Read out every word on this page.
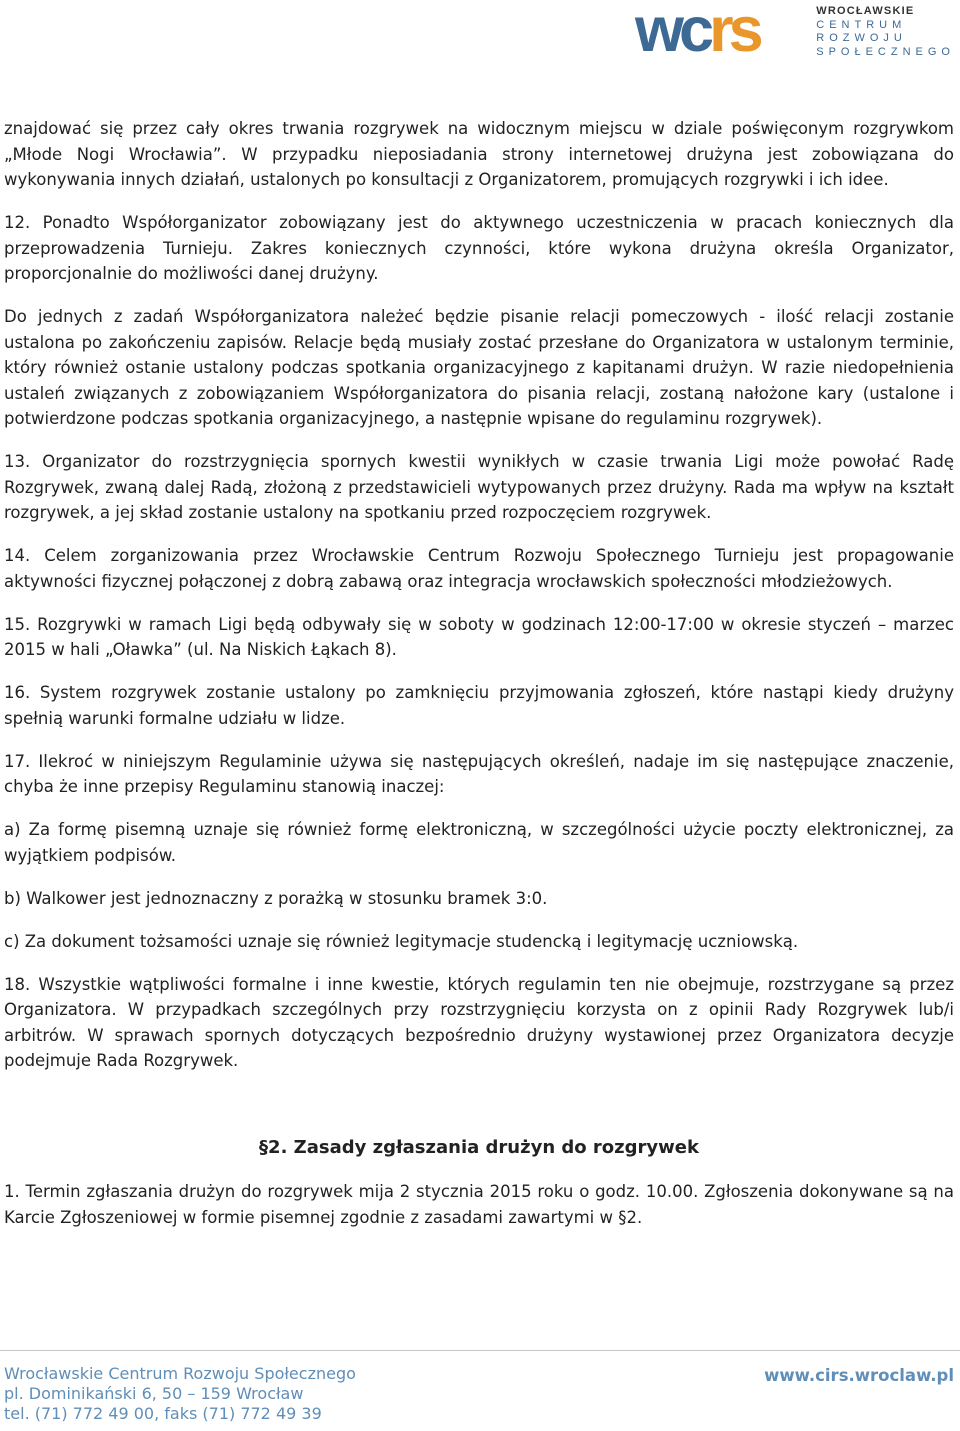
w c r s	WROCŁAWSKIE
CENTRUM
ROZWOJU
SPOŁECZNEGO

znajdować się przez cały okres trwania rozgrywek na widocznym miejscu w dziale poświęconym rozgrywkom „Młode Nogi Wrocławia”. W przypadku nieposiadania strony internetowej drużyna jest zobowiązana do wykonywania innych działań, ustalonych po konsultacji z Organizatorem, promujących rozgrywki i ich idee.

12. Ponadto Współorganizator zobowiązany jest do aktywnego uczestniczenia w pracach koniecznych dla przeprowadzenia Turnieju. Zakres koniecznych czynności, które wykona drużyna określa Organizator, proporcjonalnie do możliwości danej drużyny.

Do jednych z zadań Współorganizatora należeć będzie pisanie relacji pomeczowych - ilość relacji zostanie ustalona po zakończeniu zapisów. Relacje będą musiały zostać przesłane do Organizatora w ustalonym terminie, który również ostanie ustalony podczas spotkania organizacyjnego z kapitanami drużyn. W razie niedopełnienia ustaleń związanych z zobowiązaniem Współorganizatora do pisania relacji, zostaną nałożone kary (ustalone i potwierdzone podczas spotkania organizacyjnego, a następnie wpisane do regulaminu rozgrywek).

13. Organizator do rozstrzygnięcia spornych kwestii wynikłych w czasie trwania Ligi może powołać Radę Rozgrywek, zwaną dalej Radą, złożoną z przedstawicieli wytypowanych przez drużyny. Rada ma wpływ na kształt rozgrywek, a jej skład zostanie ustalony na spotkaniu przed rozpoczęciem rozgrywek.

14. Celem zorganizowania przez Wrocławskie Centrum Rozwoju Społecznego Turnieju jest propagowanie aktywności fizycznej połączonej z dobrą zabawą oraz integracja wrocławskich społeczności młodzieżowych.

15. Rozgrywki w ramach Ligi będą odbywały się w soboty w godzinach 12:00-17:00 w okresie styczeń – marzec 2015 w hali „Oławka” (ul. Na Niskich Łąkach 8).

16. System rozgrywek zostanie ustalony po zamknięciu przyjmowania zgłoszeń, które nastąpi kiedy drużyny spełnią warunki formalne udziału w lidze.

17. Ilekroć w niniejszym Regulaminie używa się następujących określeń, nadaje im się następujące znaczenie, chyba że inne przepisy Regulaminu stanowią inaczej:

a) Za formę pisemną uznaje się również formę elektroniczną, w szczególności użycie poczty elektronicznej, za wyjątkiem podpisów.

b) Walkower jest jednoznaczny z porażką w stosunku bramek 3:0.

c) Za dokument tożsamości uznaje się również legitymacje studencką i legitymację uczniowską.

18. Wszystkie wątpliwości formalne i inne kwestie, których regulamin ten nie obejmuje, rozstrzygane są przez Organizatora. W przypadkach szczególnych przy rozstrzygnięciu korzysta on z opinii Rady Rozgrywek lub/i arbitrów. W sprawach spornych dotyczących bezpośrednio drużyny wystawionej przez Organizatora decyzje podejmuje Rada Rozgrywek.

§2. Zasady zgłaszania drużyn do rozgrywek

1. Termin zgłaszania drużyn do rozgrywek mija 2 stycznia 2015 roku o godz. 10.00. Zgłoszenia dokonywane są na Karcie Zgłoszeniowej w formie pisemnej zgodnie z zasadami zawartymi w §2.

Wrocławskie Centrum Rozwoju Społecznego
pl. Dominikański 6, 50 – 159 Wrocław
tel. (71) 772 49 00, faks (71) 772 49 39
www.cirs.wroclaw.pl
